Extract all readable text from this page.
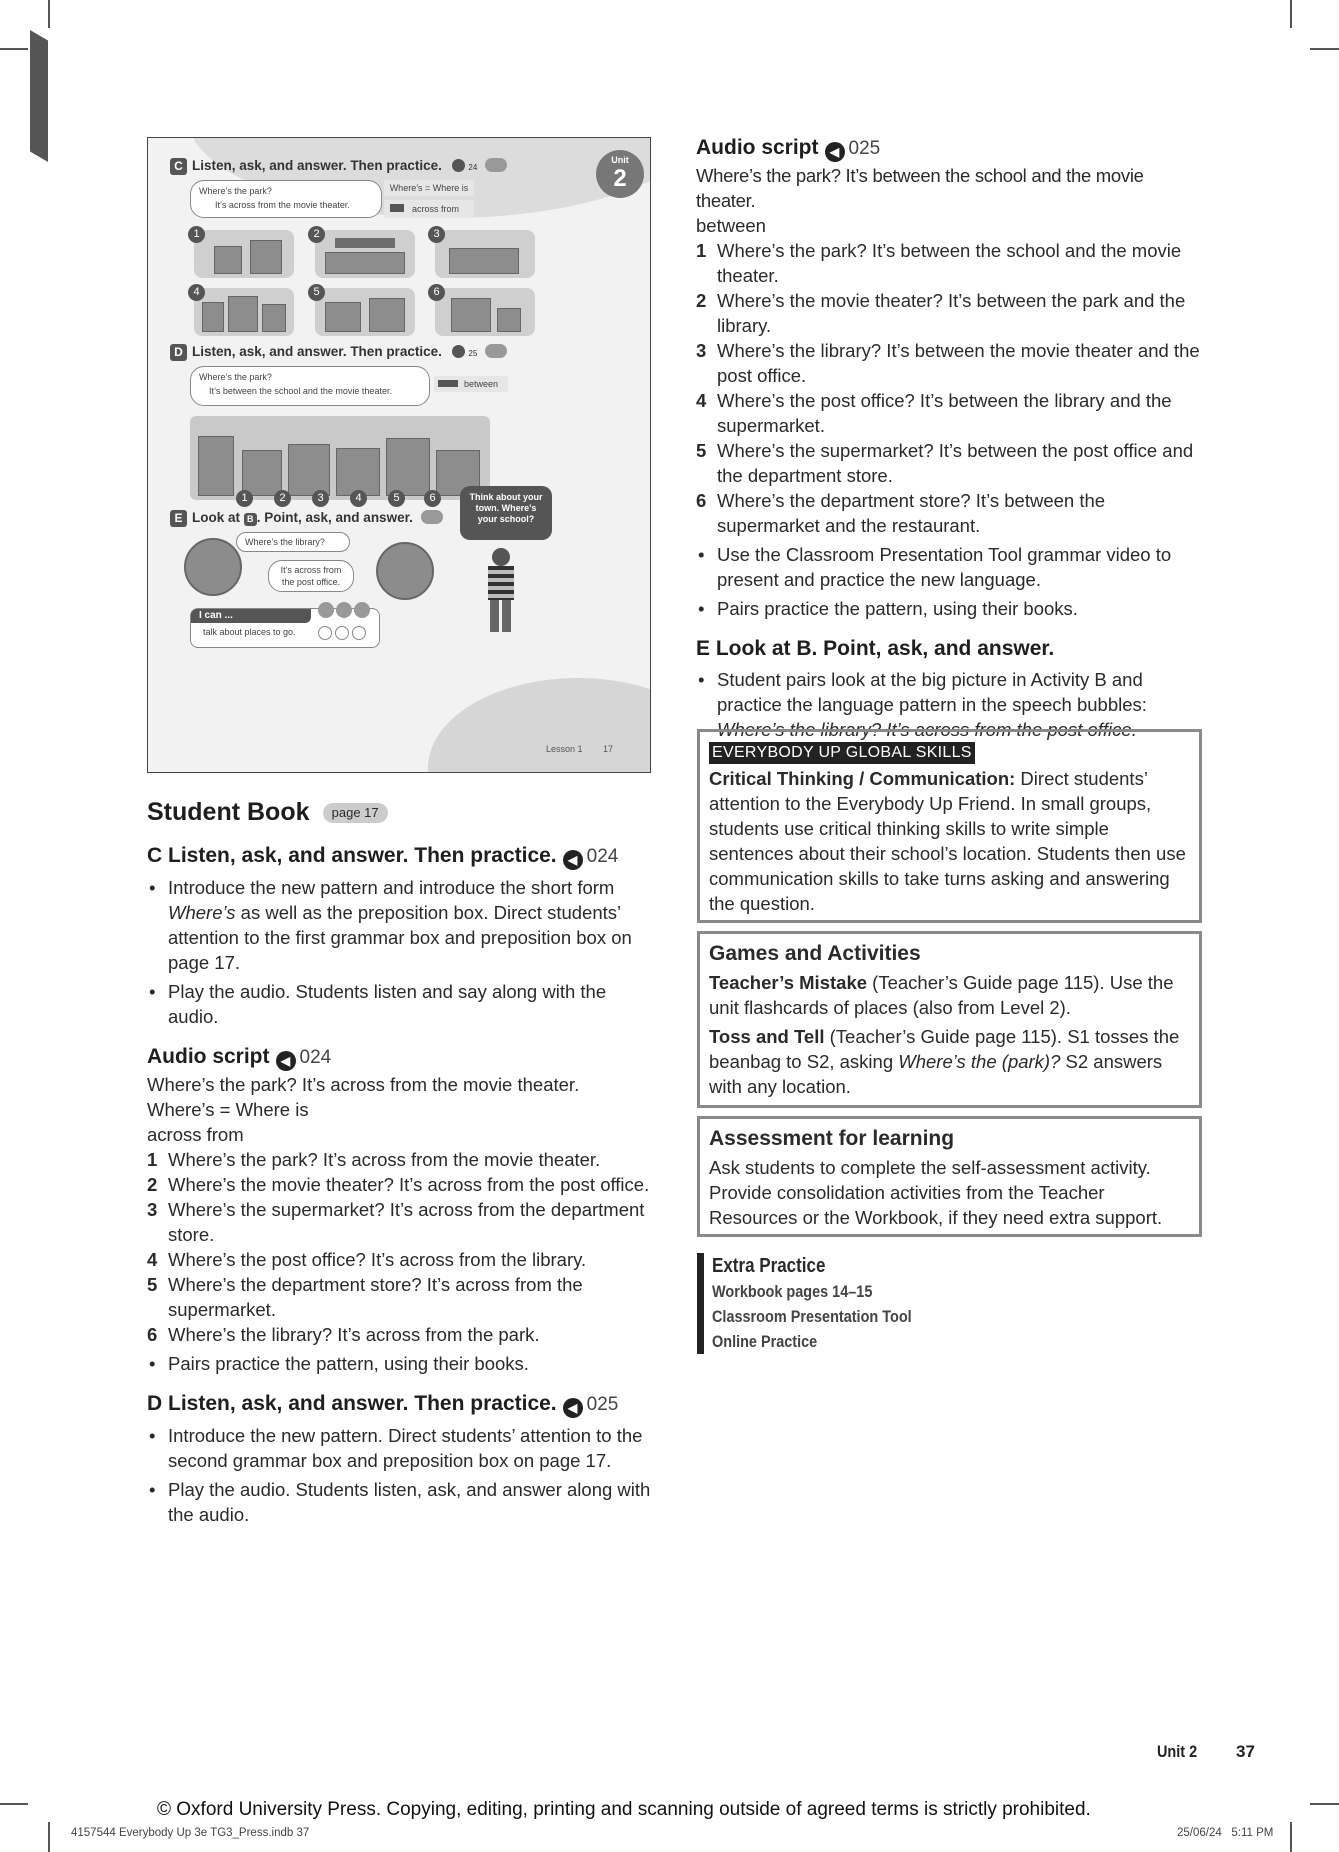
Unit
2
C Listen, ask, and answer. Then practice.	24
Where’s the park?
It’s across from the movie theater.
Where’s = Where is
across from
1	2	3
4	5	6
D Listen, ask, and answer. Then practice.	25
Where’s the park?
It’s between the school and the movie theater.
between
1	2	3	4	5	6	Think about your town. Where’s your school?
E Look at B . Point, ask, and answer.
Where’s the library?
It’s across from the post office.
I can ...
talk about places to go.
Lesson 1 17
Student Book page 17
C Listen, ask, and answer. Then practice. ◀ 024
• Introduce the new pattern and introduce the short form Where’s as well as the preposition box. Direct students’ attention to the first grammar box and preposition box on page 17.
• Play the audio. Students listen and say along with the audio.
Audio script ◀ 024

Where’s the park? It’s across from the movie theater.

Where’s = Where is

across from

1 Where’s the park? It’s across from the movie theater.
2 Where’s the movie theater? It’s across from the post office.
3 Where’s the supermarket? It’s across from the department store.
4 Where’s the post office? It’s across from the library.
5 Where’s the department store? It’s across from the supermarket.
6 Where’s the library? It’s across from the park.
• Pairs practice the pattern, using their books.
D Listen, ask, and answer. Then practice. ◀ 025
• Introduce the new pattern. Direct students’ attention to the second grammar box and preposition box on page 17.
• Play the audio. Students listen, ask, and answer along with the audio.
Audio script ◀ 025

Where’s the park? It’s between the school and the movie theater.

between

1 Where’s the park? It’s between the school and the movie theater.
2 Where’s the movie theater? It’s between the park and the library.
3 Where’s the library? It’s between the movie theater and the post office.
4 Where’s the post office? It’s between the library and the supermarket.
5 Where’s the supermarket? It’s between the post office and the department store.
6 Where’s the department store? It’s between the supermarket and the restaurant.
• Use the Classroom Presentation Tool grammar video to present and practice the new language.
• Pairs practice the pattern, using their books.
E Look at B. Point, ask, and answer.
• Student pairs look at the big picture in Activity B and practice the language pattern in the speech bubbles: Where’s the library? It’s across from the post office.
EVERYBODY UP GLOBAL SKILLS
Critical Thinking / Communication: Direct students’ attention to the Everybody Up Friend. In small groups, students use critical thinking skills to write simple sentences about their school’s location. Students then use communication skills to take turns asking and answering the question.
Games and Activities
Teacher’s Mistake (Teacher’s Guide page 115). Use the unit flashcards of places (also from Level 2).
Toss and Tell (Teacher’s Guide page 115). S1 tosses the beanbag to S2, asking Where’s the (park)? S2 answers with any location.
Assessment for learning
Ask students to complete the self-assessment activity. Provide consolidation activities from the Teacher Resources or the Workbook, if they need extra support.
Extra Practice
Workbook pages 14–15
Classroom Presentation Tool
Online Practice
Unit 2	37
© Oxford University Press. Copying, editing, printing and scanning outside of agreed terms is strictly prohibited.
4157544 Everybody Up 3e TG3_Press.indb 37	25/06/24   5:11 PM
